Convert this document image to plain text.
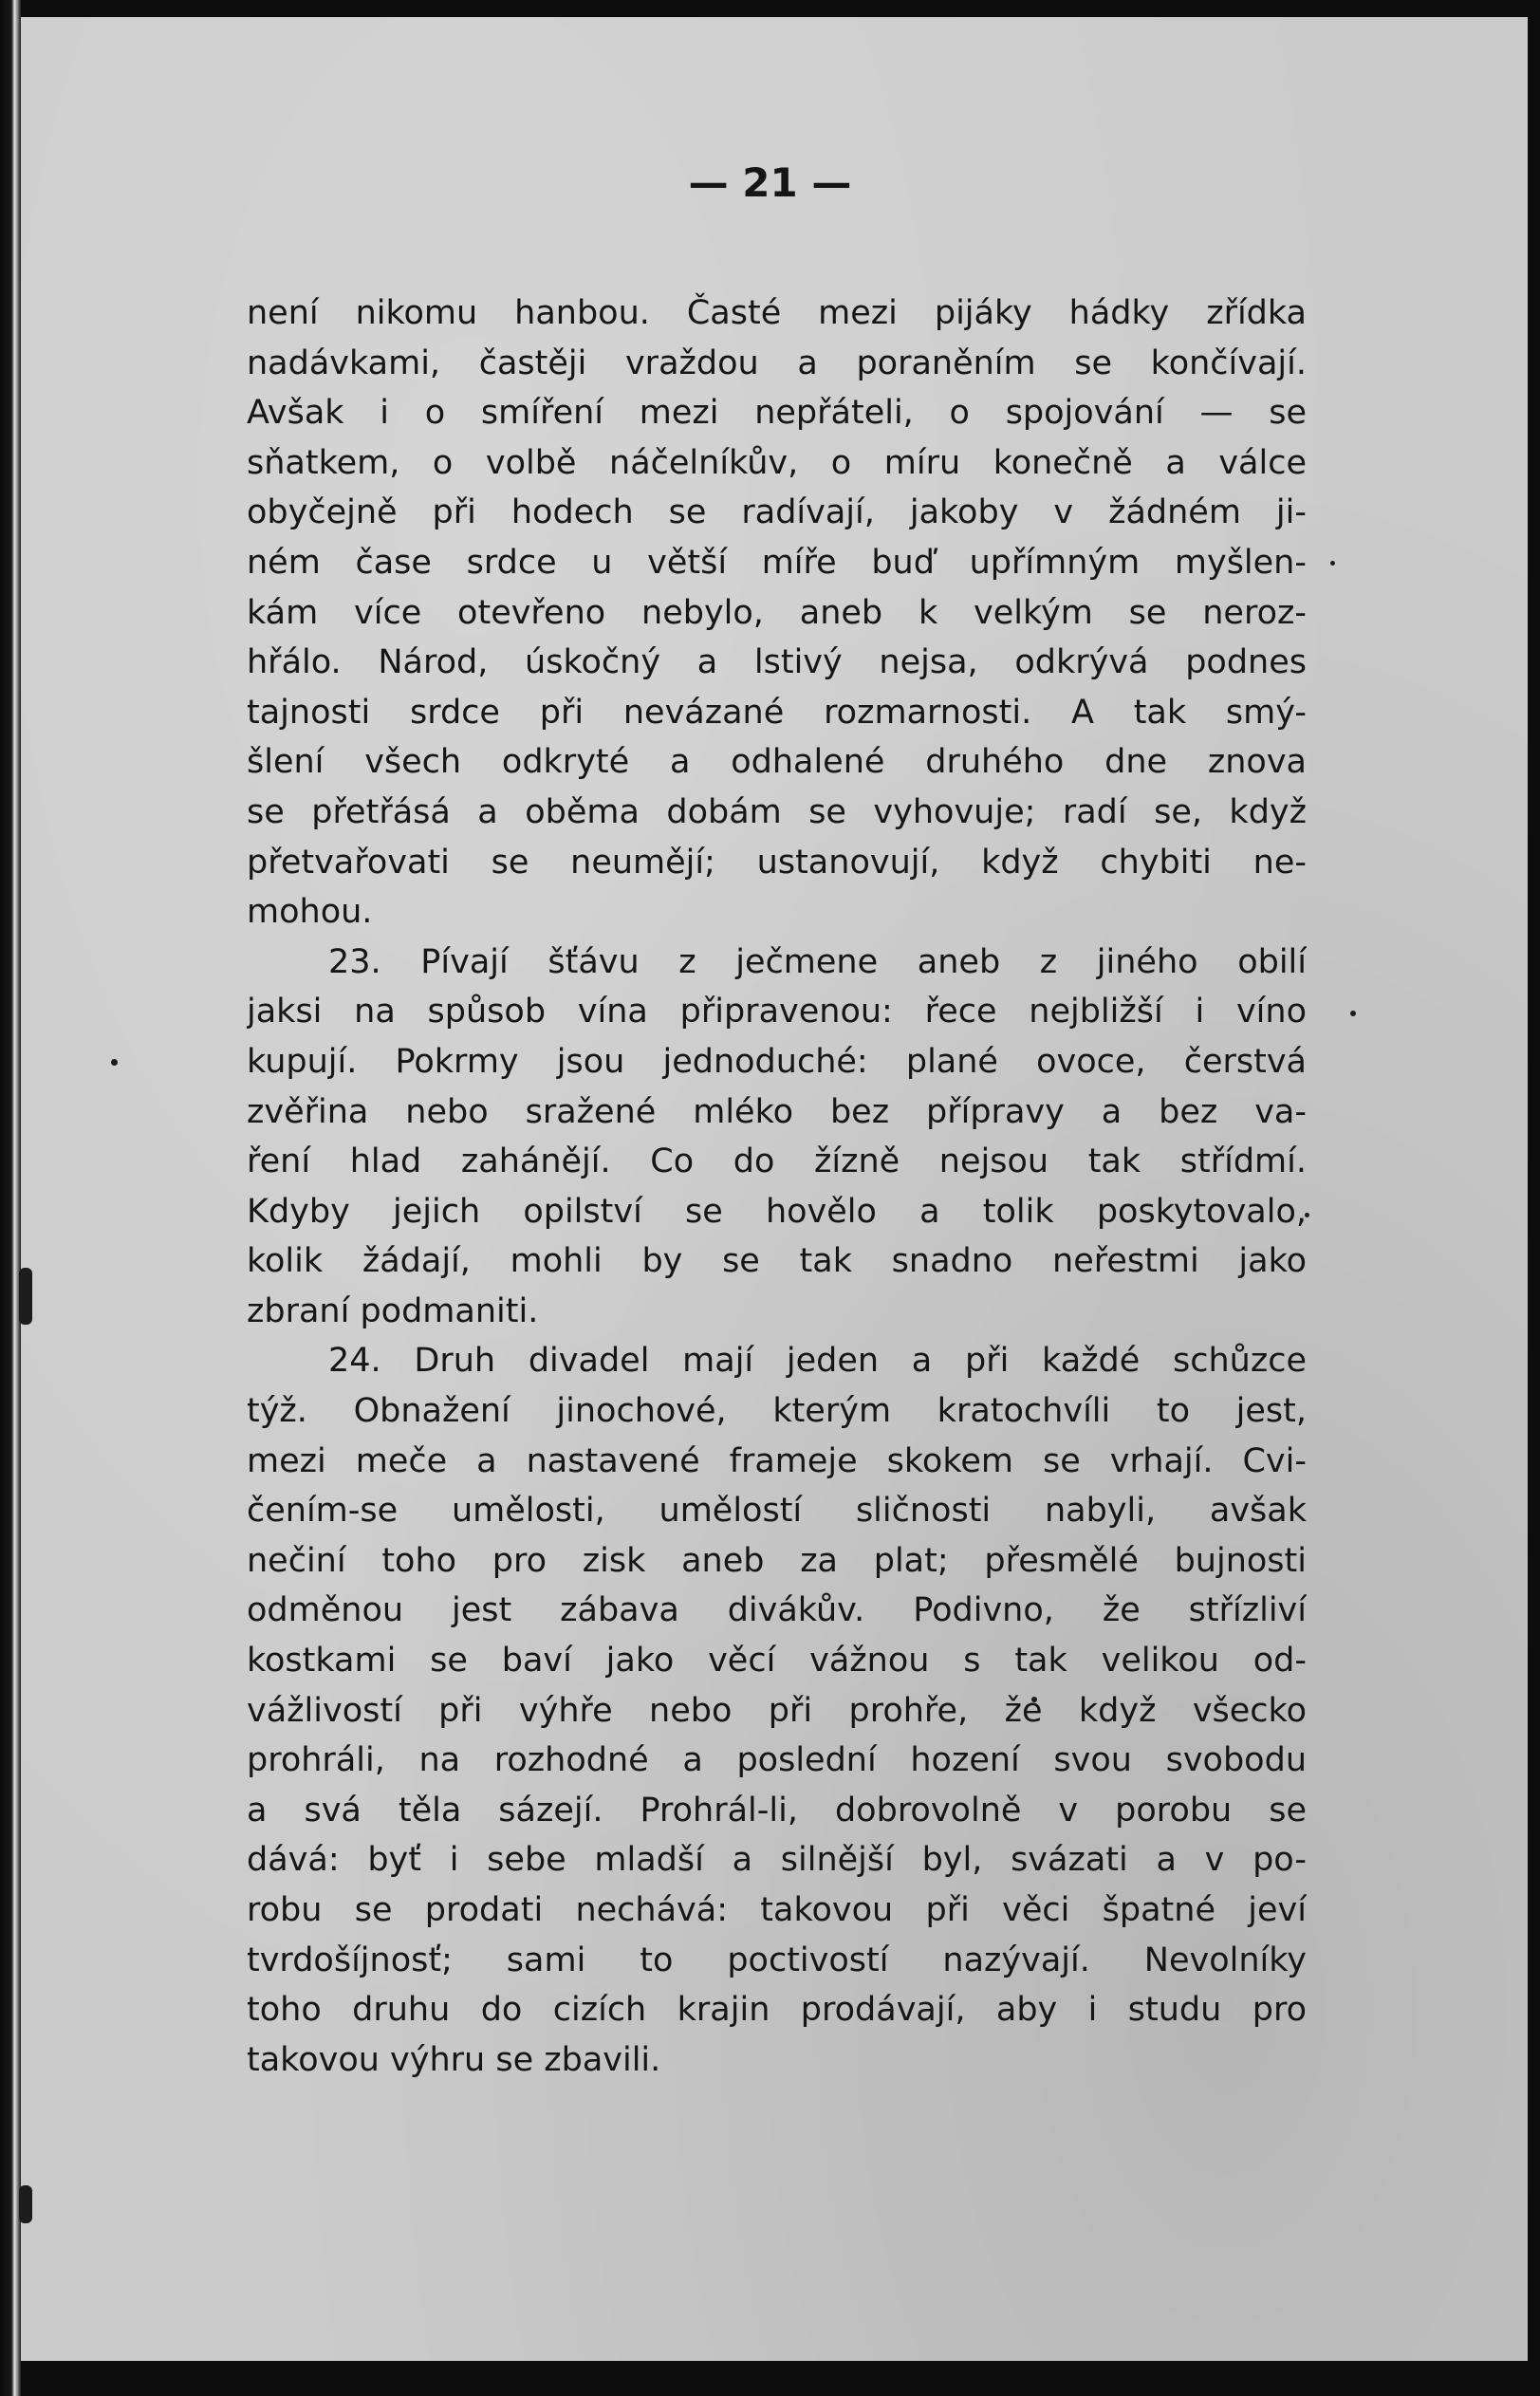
— 21 —

není nikomu hanbou. Časté mezi pijáky hádky zřídka
nadávkami, častěji vraždou a poraněním se končívají.
Avšak i o smíření mezi nepřáteli, o spojování — se
sňatkem, o volbě náčelníkův, o míru konečně a válce
obyčejně při hodech se radívají, jakoby v žádném ji-
ném čase srdce u větší míře buď upřímným myšlen-
kám více otevřeno nebylo, aneb k velkým se neroz-
hřálo. Národ, úskočný a lstivý nejsa, odkrývá podnes
tajnosti srdce při nevázané rozmarnosti. A tak smý-
šlení všech odkryté a odhalené druhého dne znova
se přetřásá a oběma dobám se vyhovuje; radí se, když
přetvařovati se neumějí; ustanovují, když chybiti ne-
mohou.
23. Pívají šťávu z ječmene aneb z jiného obilí
jaksi na spůsob vína připravenou: řece nejbližší i víno
kupují. Pokrmy jsou jednoduché: plané ovoce, čerstvá
zvěřina nebo sražené mléko bez přípravy a bez va-
ření hlad zahánějí. Co do žízně nejsou tak střídmí.
Kdyby jejich opilství se hovělo a tolik poskytovalo,
kolik žádají, mohli by se tak snadno neřestmi jako
zbraní podmaniti.
24. Druh divadel mají jeden a při každé schůzce
týž. Obnažení jinochové, kterým kratochvíli to jest,
mezi meče a nastavené frameje skokem se vrhají. Cvi-
čením-se umělosti, umělostí sličnosti nabyli, avšak
nečiní toho pro zisk aneb za plat; přesmělé bujnosti
odměnou jest zábava divákův. Podivno, že střízliví
kostkami se baví jako věcí vážnou s tak velikou od-
vážlivostí při výhře nebo při prohře, že když všecko
prohráli, na rozhodné a poslední hození svou svobodu
a svá těla sázejí. Prohrál-li, dobrovolně v porobu se
dává: byť i sebe mladší a silnější byl, svázati a v po-
robu se prodati nechává: takovou při věci špatné jeví
tvrdošíjnosť; sami to poctivostí nazývají. Nevolníky
toho druhu do cizích krajin prodávají, aby i studu pro
takovou výhru se zbavili.
